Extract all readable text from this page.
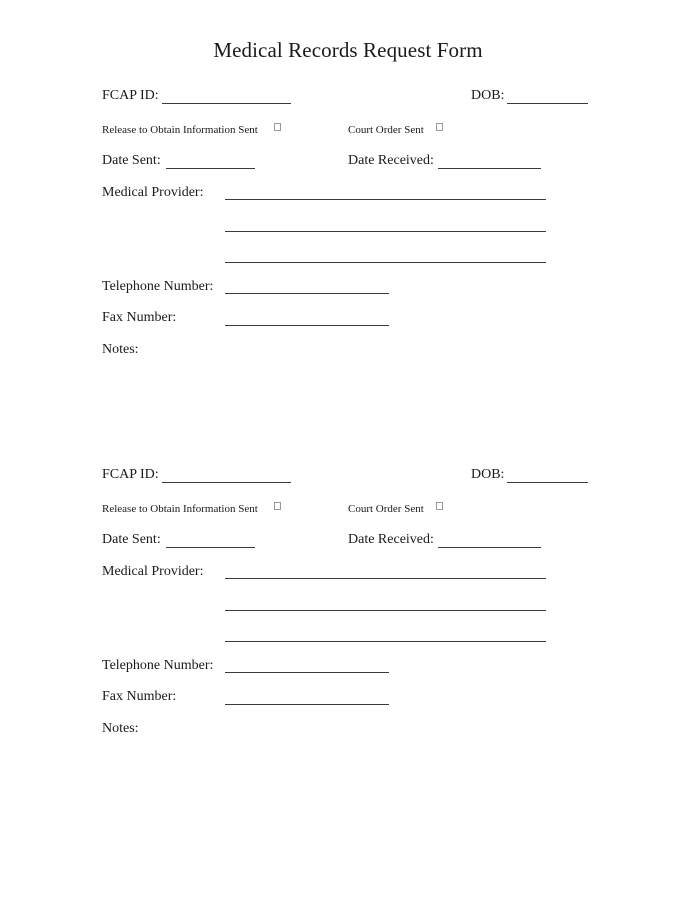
Medical Records Request Form
FCAP ID:	DOB:
Release to Obtain Information Sent	Court Order Sent
Date Sent:	Date Received:
Medical Provider:
Telephone Number:
Fax Number:
Notes:
FCAP ID:	DOB:
Release to Obtain Information Sent	Court Order Sent
Date Sent:	Date Received:
Medical Provider:
Telephone Number:
Fax Number:
Notes:
